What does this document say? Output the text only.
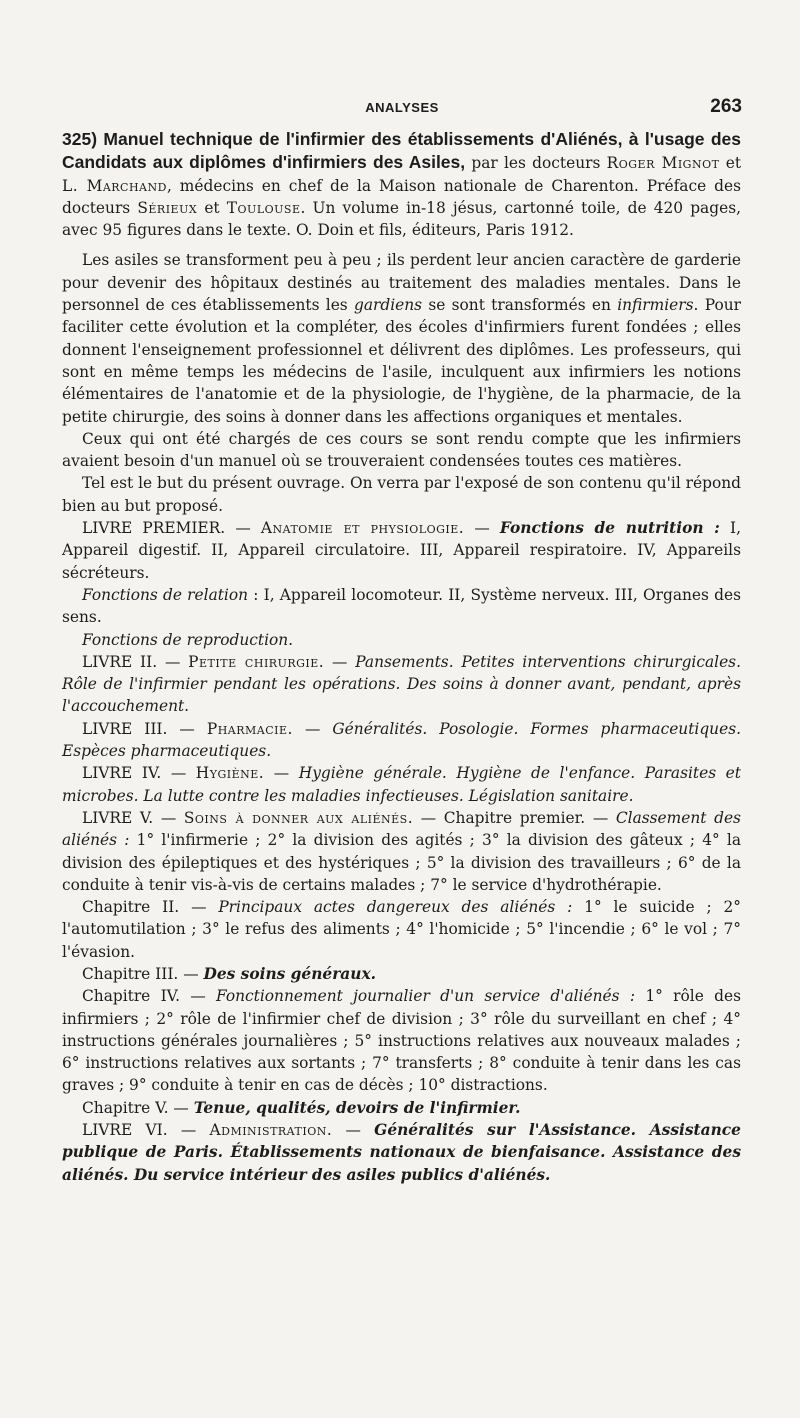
ANALYSES	263

325) Manuel technique de l'infirmier des établissements d'Aliénés, à l'usage des Candidats aux diplômes d'infirmiers des Asiles, par les docteurs Roger Mignot et L. Marchand, médecins en chef de la Maison nationale de Charenton. Préface des docteurs Sérieux et Toulouse. Un volume in-18 jésus, cartonné toile, de 420 pages, avec 95 figures dans le texte. O. Doin et fils, éditeurs, Paris 1912.

Les asiles se transforment peu à peu ; ils perdent leur ancien caractère de garderie pour devenir des hôpitaux destinés au traitement des maladies mentales. Dans le personnel de ces établissements les gardiens se sont transformés en infirmiers. Pour faciliter cette évolution et la compléter, des écoles d'infirmiers furent fondées ; elles donnent l'enseignement professionnel et délivrent des diplômes. Les professeurs, qui sont en même temps les médecins de l'asile, inculquent aux infirmiers les notions élémentaires de l'anatomie et de la physiologie, de l'hygiène, de la pharmacie, de la petite chirurgie, des soins à donner dans les affections organiques et mentales.

Ceux qui ont été chargés de ces cours se sont rendu compte que les infirmiers avaient besoin d'un manuel où se trouveraient condensées toutes ces matières.

Tel est le but du présent ouvrage. On verra par l'exposé de son contenu qu'il répond bien au but proposé.

LIVRE PREMIER. — Anatomie et physiologie. — Fonctions de nutrition : I, Appareil digestif. II, Appareil circulatoire. III, Appareil respiratoire. IV, Appareils sécréteurs.

Fonctions de relation : I, Appareil locomoteur. II, Système nerveux. III, Organes des sens.

Fonctions de reproduction.

LIVRE II. — Petite chirurgie. — Pansements. Petites interventions chirurgicales. Rôle de l'infirmier pendant les opérations. Des soins à donner avant, pendant, après l'accouchement.

LIVRE III. — Pharmacie. — Généralités. Posologie. Formes pharmaceutiques. Espèces pharmaceutiques.

LIVRE IV. — Hygiène. — Hygiène générale. Hygiène de l'enfance. Parasites et microbes. La lutte contre les maladies infectieuses. Législation sanitaire.

LIVRE V. — Soins à donner aux aliénés. — Chapitre premier. — Classement des aliénés : 1° l'infirmerie ; 2° la division des agités ; 3° la division des gâteux ; 4° la division des épileptiques et des hystériques ; 5° la division des travailleurs ; 6° de la conduite à tenir vis-à-vis de certains malades ; 7° le service d'hydrothérapie.

Chapitre II. — Principaux actes dangereux des aliénés : 1° le suicide ; 2° l'automutilation ; 3° le refus des aliments ; 4° l'homicide ; 5° l'incendie ; 6° le vol ; 7° l'évasion.

Chapitre III. — Des soins généraux.

Chapitre IV. — Fonctionnement journalier d'un service d'aliénés : 1° rôle des infirmiers ; 2° rôle de l'infirmier chef de division ; 3° rôle du surveillant en chef ; 4° instructions générales journalières ; 5° instructions relatives aux nouveaux malades ; 6° instructions relatives aux sortants ; 7° transferts ; 8° conduite à tenir dans les cas graves ; 9° conduite à tenir en cas de décès ; 10° distractions.

Chapitre V. — Tenue, qualités, devoirs de l'infirmier.

LIVRE VI. — Administration. — Généralités sur l'Assistance. Assistance publique de Paris. Établissements nationaux de bienfaisance. Assistance des aliénés. Du service intérieur des asiles publics d'aliénés.
